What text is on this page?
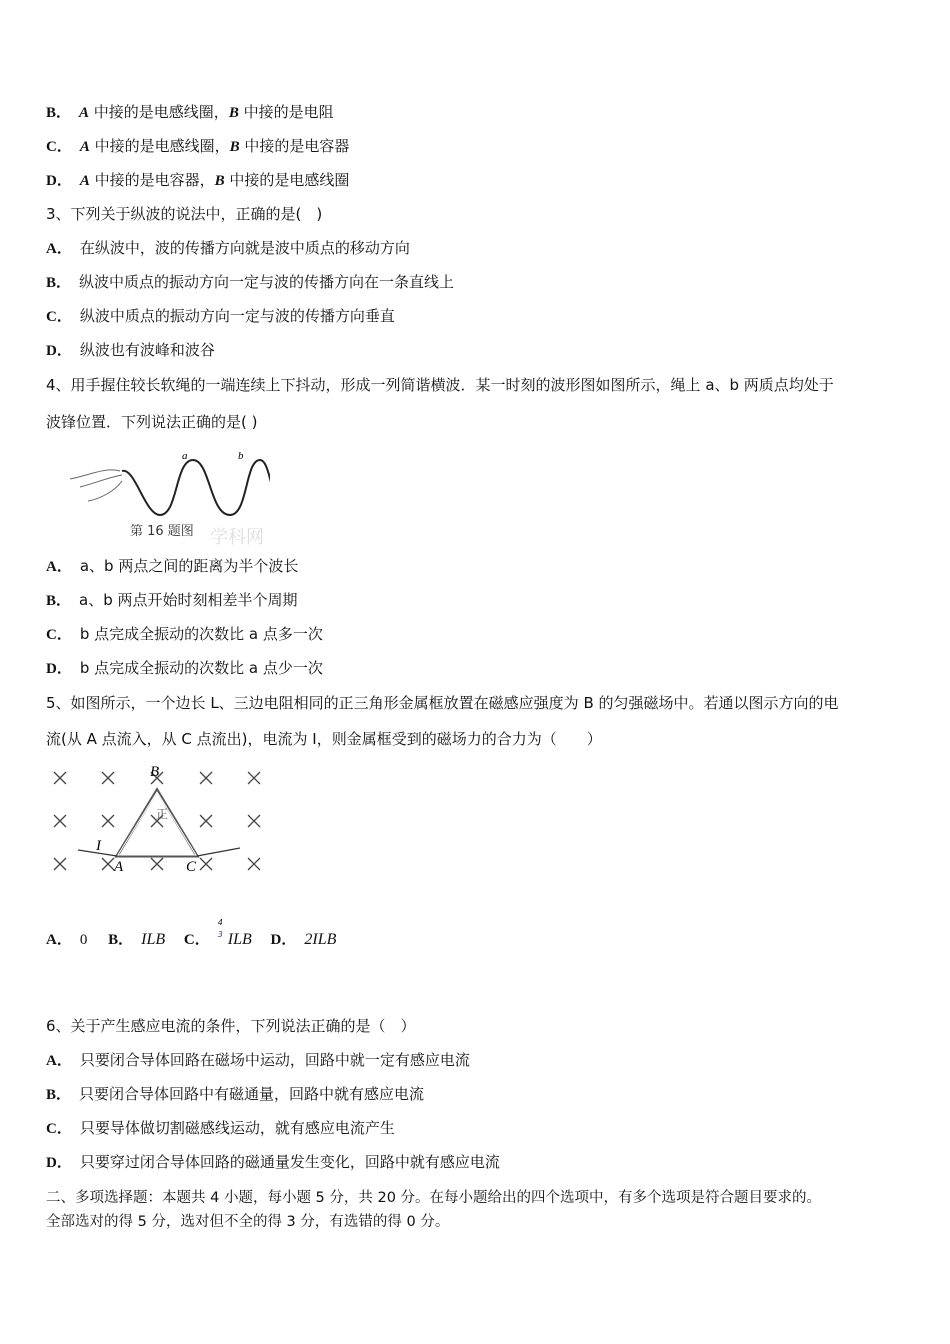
B． A 中接的是电感线圈，B 中接的是电阻
C． A 中接的是电感线圈，B 中接的是电容器
D． A 中接的是电容器，B 中接的是电感线圈
3、下列关于纵波的说法中，正确的是(　)
A． 在纵波中，波的传播方向就是波中质点的移动方向
B． 纵波中质点的振动方向一定与波的传播方向在一条直线上
C． 纵波中质点的振动方向一定与波的传播方向垂直
D． 纵波也有波峰和波谷
4、用手握住较长软绳的一端连续上下抖动，形成一列简谐横波．某一时刻的波形图如图所示，绳上 a、b 两质点均处于
波锋位置．下列说法正确的是( )
a	b
第 16 题图 学科网
A． a、b 两点之间的距离为半个波长
B． a、b 两点开始时刻相差半个周期
C． b 点完成全振动的次数比 a 点多一次
D． b 点完成全振动的次数比 a 点少一次
5、如图所示，一个边长 L、三边电阻相同的正三角形金属框放置在磁感应强度为 B 的匀强磁场中。若通以图示方向的电
流(从 A 点流入，从 C 点流出)，电流为 I，则金属框受到的磁场力的合力为（　　）
I
B
A	C
正
A． 0 B． ILB C．
4
3 ILB D． 2ILB
6、关于产生感应电流的条件，下列说法正确的是（　）
A． 只要闭合导体回路在磁场中运动，回路中就一定有感应电流
B． 只要闭合导体回路中有磁通量，回路中就有感应电流
C． 只要导体做切割磁感线运动，就有感应电流产生
D． 只要穿过闭合导体回路的磁通量发生变化，回路中就有感应电流
二、多项选择题：本题共 4 小题，每小题 5 分，共 20 分。在每小题给出的四个选项中，有多个选项是符合题目要求的。
全部选对的得 5 分，选对但不全的得 3 分，有选错的得 0 分。
